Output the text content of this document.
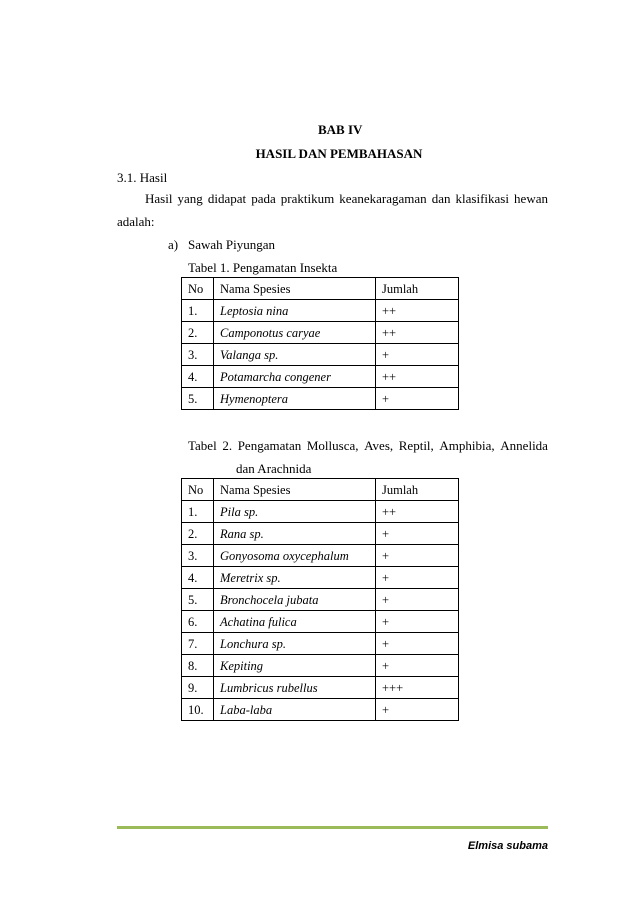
BAB IV
HASIL DAN PEMBAHASAN
3.1. Hasil
Hasil yang didapat pada praktikum keanekaragaman dan klasifikasi hewan
adalah:
a) Sawah Piyungan
Tabel 1. Pengamatan Insekta
No	Nama Spesies	Jumlah
1.	Leptosia nina	++
2.	Camponotus caryae	++
3.	Valanga sp.	+
4.	Potamarcha congener	++
5.	Hymenoptera	+
Tabel 2. Pengamatan Mollusca, Aves, Reptil, Amphibia, Annelida
dan Arachnida
No	Nama Spesies	Jumlah
1.	Pila sp.	++
2.	Rana sp.	+
3.	Gonyosoma oxycephalum	+
4.	Meretrix sp.	+
5.	Bronchocela jubata	+
6.	Achatina fulica	+
7.	Lonchura sp.	+
8.	Kepiting	+
9.	Lumbricus rubellus	+++
10.	Laba-laba	+
Elmisa subama
